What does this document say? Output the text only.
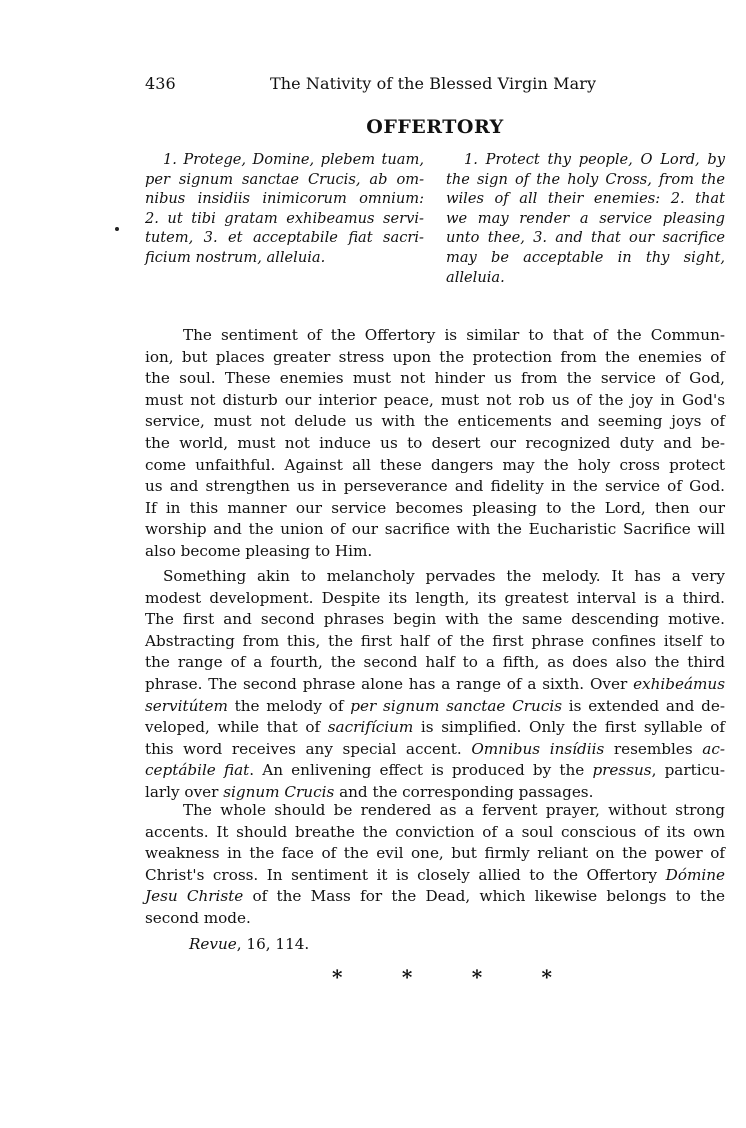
436	The Nativity of the Blessed Virgin Mary
OFFERTORY
1. Protege, Domine, plebem tuam,
per signum sanctae Crucis, ab om-
nibus insidiis inimicorum omnium:
2. ut tibi gratam exhibeamus servi-
tutem, 3. et acceptabile fiat sacri-
ficium nostrum, alleluia.
1. Protect thy people, O Lord, by
the sign of the holy Cross, from the
wiles of all their enemies: 2. that
we may render a service pleasing
unto thee, 3. and that our sacrifice
may be acceptable in thy sight,
alleluia.
The sentiment of the Offertory is similar to that of the Commun-
ion, but places greater stress upon the protection from the enemies of
the soul. These enemies must not hinder us from the service of God,
must not disturb our interior peace, must not rob us of the joy in God's
service, must not delude us with the enticements and seeming joys of
the world, must not induce us to desert our recognized duty and be-
come unfaithful. Against all these dangers may the holy cross protect
us and strengthen us in perseverance and fidelity in the service of God.
If in this manner our service becomes pleasing to the Lord, then our
worship and the union of our sacrifice with the Eucharistic Sacrifice will
also become pleasing to Him.
Something akin to melancholy pervades the melody. It has a very
modest development. Despite its length, its greatest interval is a third.
The first and second phrases begin with the same descending motive.
Abstracting from this, the first half of the first phrase confines itself to
the range of a fourth, the second half to a fifth, as does also the third
phrase. The second phrase alone has a range of a sixth. Over exhibeámus
servitútem the melody of per signum sanctae Crucis is extended and de-
veloped, while that of sacrifícium is simplified. Only the first syllable of
this word receives any special accent. Omnibus insídiis resembles ac-
ceptábile fiat. An enlivening effect is produced by the pressus, particu-
larly over signum Crucis and the corresponding passages.
The whole should be rendered as a fervent prayer, without strong
accents. It should breathe the conviction of a soul conscious of its own
weakness in the face of the evil one, but firmly reliant on the power of
Christ's cross. In sentiment it is closely allied to the Offertory Dómine
Jesu Christe of the Mass for the Dead, which likewise belongs to the
second mode.
Revue, 16, 114.
*	*	*	*
